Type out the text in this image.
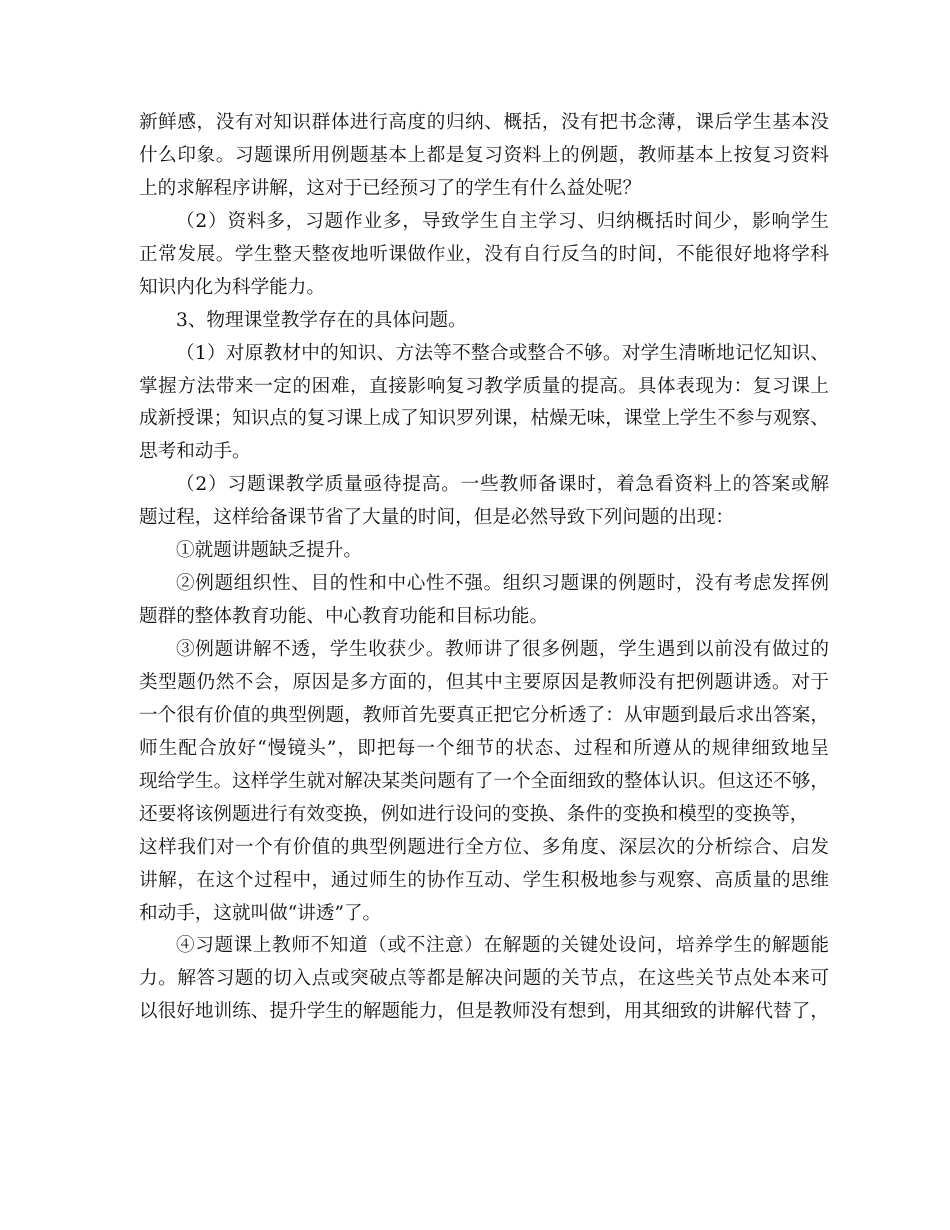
新鲜感，没有对知识群体进行高度的归纳、概括，没有把书念薄，课后学生基本没
什么印象。习题课所用例题基本上都是复习资料上的例题，教师基本上按复习资料
上的求解程序讲解，这对于已经预习了的学生有什么益处呢？
（2）资料多，习题作业多，导致学生自主学习、归纳概括时间少，影响学生
正常发展。学生整天整夜地听课做作业，没有自行反刍的时间，不能很好地将学科
知识内化为科学能力。
3、物理课堂教学存在的具体问题。
（1）对原教材中的知识、方法等不整合或整合不够。对学生清晰地记忆知识、
掌握方法带来一定的困难，直接影响复习教学质量的提高。具体表现为：复习课上
成新授课；知识点的复习课上成了知识罗列课，枯燥无味，课堂上学生不参与观察、
思考和动手。
（2）习题课教学质量亟待提高。一些教师备课时，着急看资料上的答案或解
题过程，这样给备课节省了大量的时间，但是必然导致下列问题的出现：
①就题讲题缺乏提升。
②例题组织性、目的性和中心性不强。组织习题课的例题时，没有考虑发挥例
题群的整体教育功能、中心教育功能和目标功能。
③例题讲解不透，学生收获少。教师讲了很多例题，学生遇到以前没有做过的
类型题仍然不会，原因是多方面的，但其中主要原因是教师没有把例题讲透。对于
一个很有价值的典型例题，教师首先要真正把它分析透了：从审题到最后求出答案，
师生配合放好“慢镜头”，即把每一个细节的状态、过程和所遵从的规律细致地呈
现给学生。这样学生就对解决某类问题有了一个全面细致的整体认识。但这还不够，
还要将该例题进行有效变换，例如进行设问的变换、条件的变换和模型的变换等，
这样我们对一个有价值的典型例题进行全方位、多角度、深层次的分析综合、启发
讲解，在这个过程中，通过师生的协作互动、学生积极地参与观察、高质量的思维
和动手，这就叫做“讲透”了。
④习题课上教师不知道（或不注意）在解题的关键处设问，培养学生的解题能
力。解答习题的切入点或突破点等都是解决问题的关节点，在这些关节点处本来可
以很好地训练、提升学生的解题能力，但是教师没有想到，用其细致的讲解代替了，
